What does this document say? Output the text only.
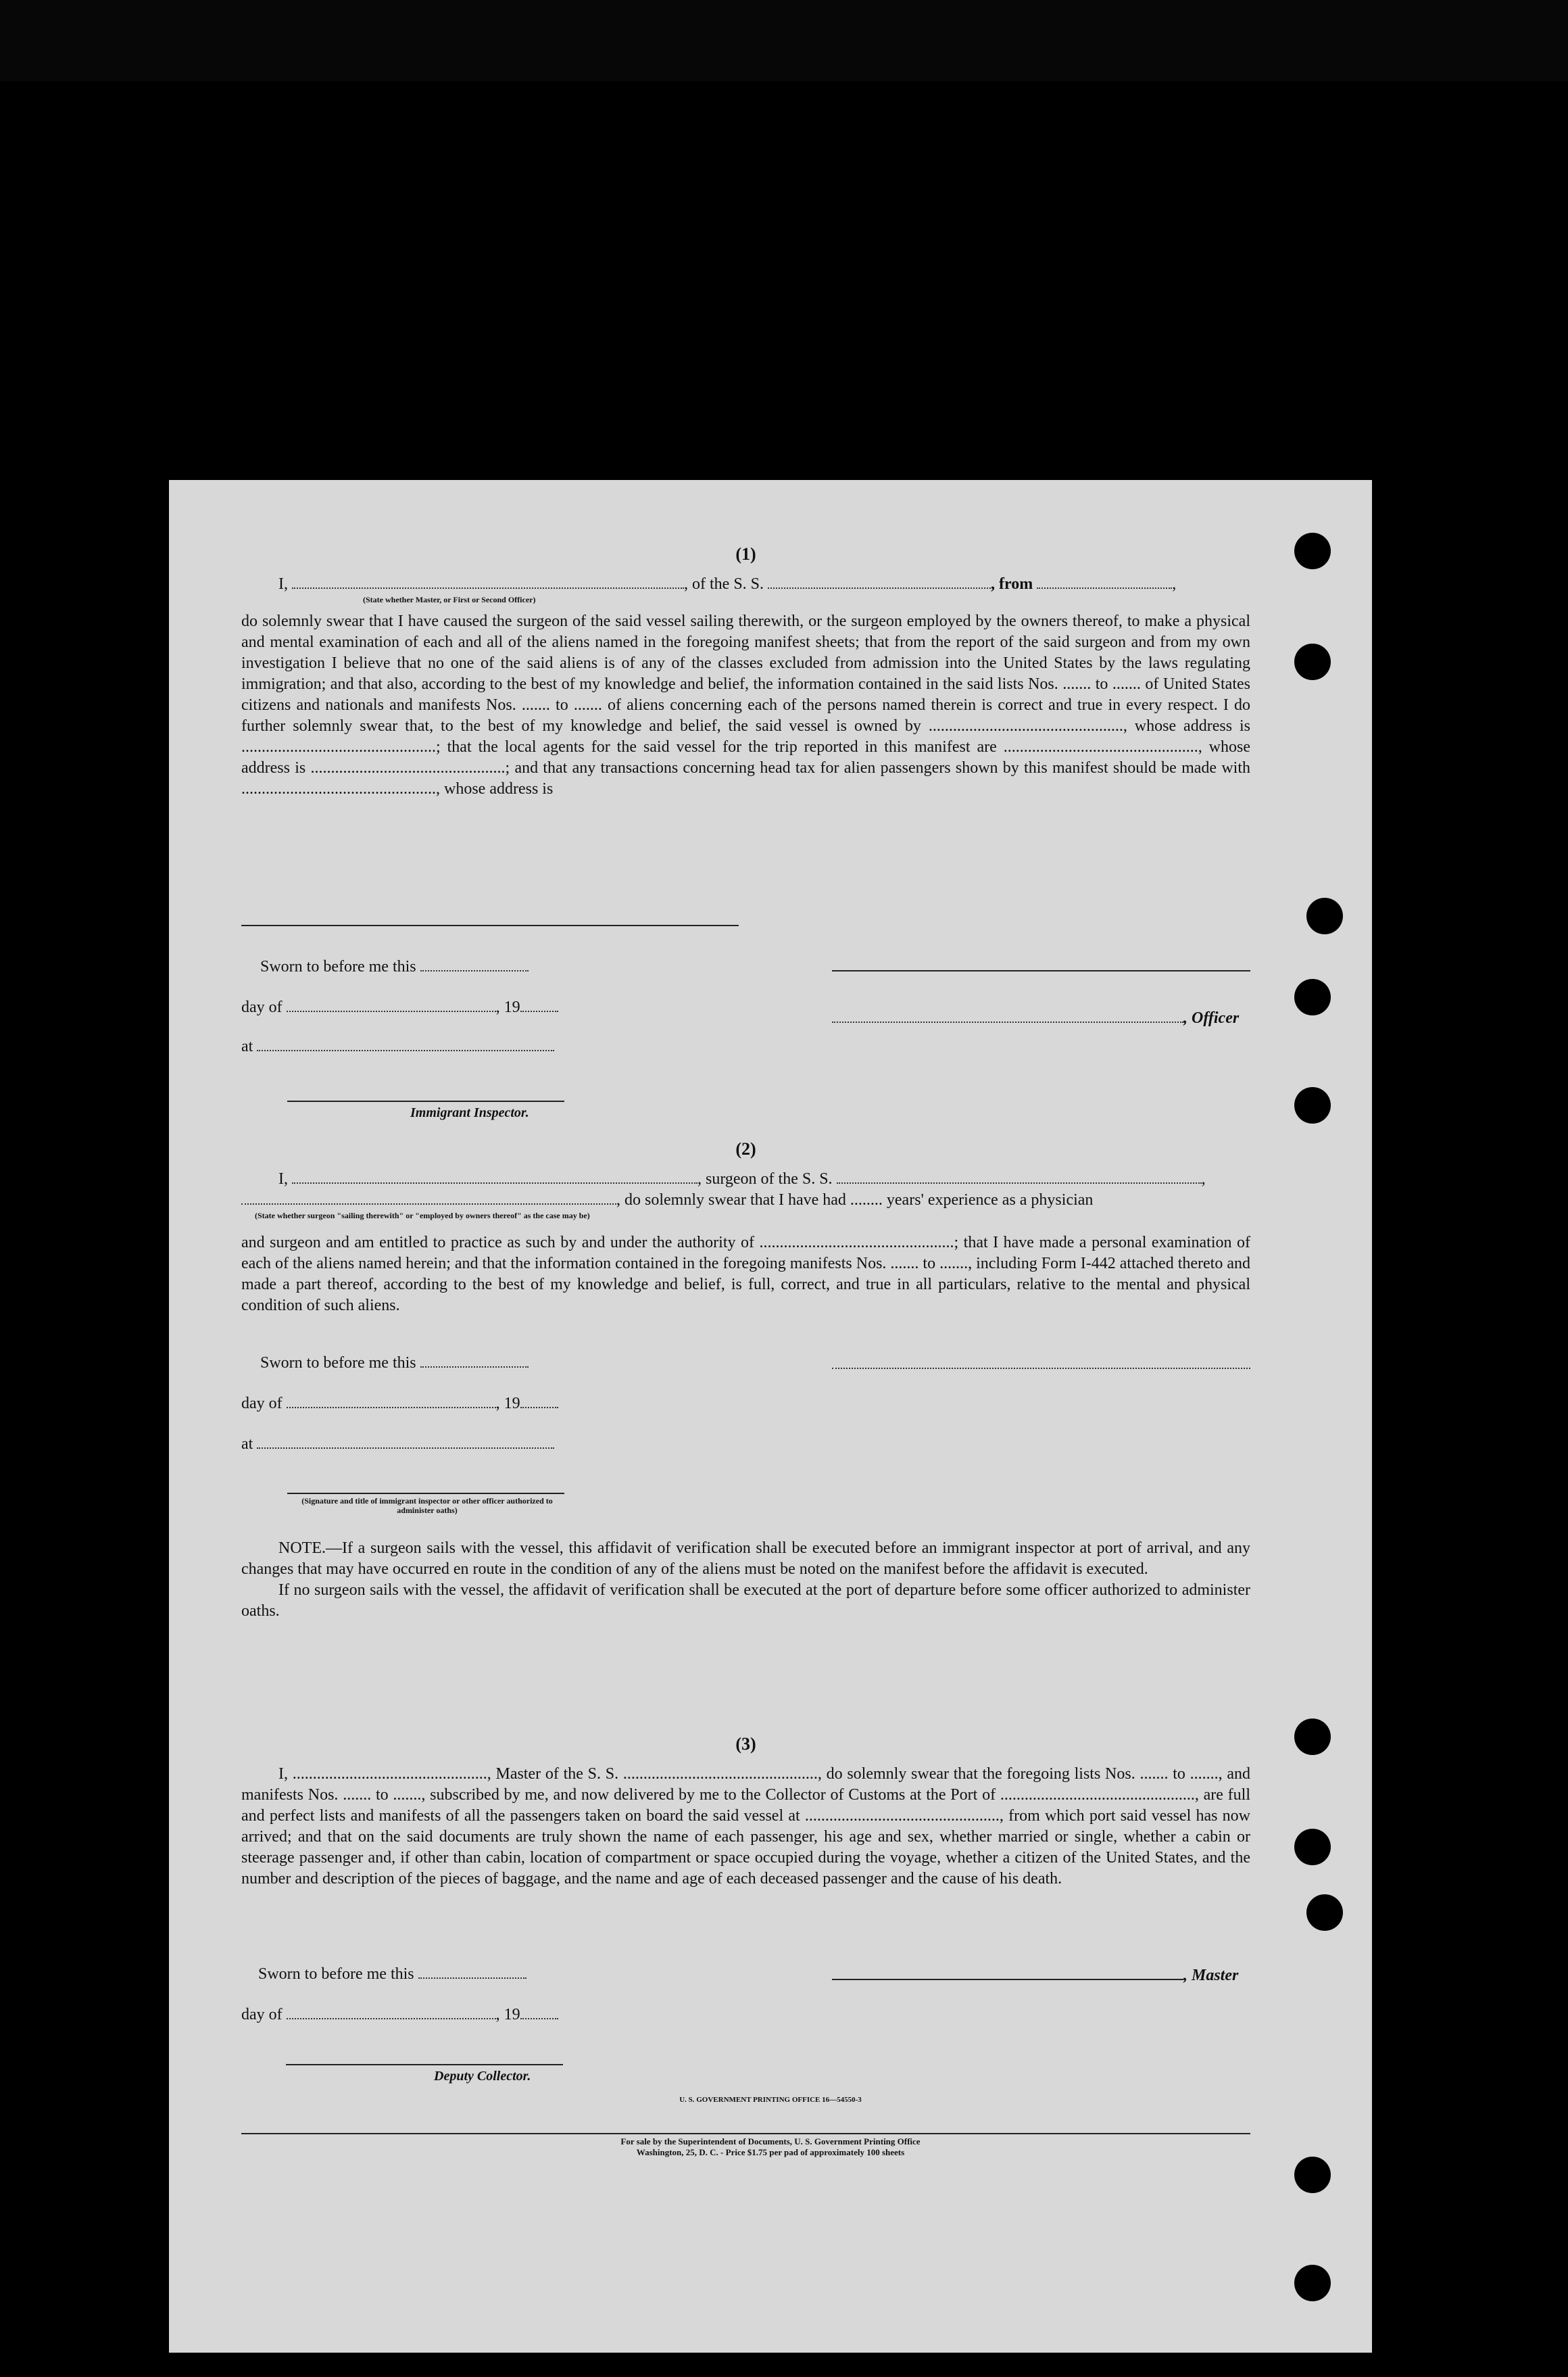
(1)

I,	, of the S. S.	, from	,
(State whether Master, or First or Second Officer)

do solemnly swear that I have caused the surgeon of the said vessel sailing therewith, or the surgeon employed by the owners thereof, to make a physical and mental examination of each and all of the aliens named in the foregoing manifest sheets; that from the report of the said surgeon and from my own investigation I believe that no one of the said aliens is of any of the classes excluded from admission into the United States by the laws regulating immigration; and that also, according to the best of my knowledge and belief, the information contained in the said lists Nos. ....... to ....... of United States citizens and nationals and manifests Nos. ....... to ....... of aliens concerning each of the persons named therein is correct and true in every respect. I do further solemnly swear that, to the best of my knowledge and belief, the said vessel is owned by ................................................, whose address is ................................................; that the local agents for the said vessel for the trip reported in this manifest are ................................................, whose address is ................................................; and that any transactions concerning head tax for alien passengers shown by this manifest should be made with ................................................, whose address is

Sworn to before me this
day of	, 19
at
Immigrant Inspector.
, Officer

(2)

I,	, surgeon of the S. S.	,
, do solemnly swear that I have had ........ years' experience as a physician
(State whether surgeon "sailing therewith" or "employed by owners thereof" as the case may be)

and surgeon and am entitled to practice as such by and under the authority of ................................................; that I have made a personal examination of each of the aliens named herein; and that the information contained in the foregoing manifests Nos. ....... to ......., including Form I-442 attached thereto and made a part thereof, according to the best of my knowledge and belief, is full, correct, and true in all particulars, relative to the mental and physical condition of such aliens.

Sworn to before me this
day of	, 19
at
(Signature and title of immigrant inspector or other officer authorized to administer oaths)
NOTE.—If a surgeon sails with the vessel, this affidavit of verification shall be executed before an immigrant inspector at port of arrival, and any changes that may have occurred en route in the condition of any of the aliens must be noted on the manifest before the affidavit is executed.
If no surgeon sails with the vessel, the affidavit of verification shall be executed at the port of departure before some officer authorized to administer oaths.

(3)

I, ................................................, Master of the S. S. ................................................, do solemnly swear that the foregoing lists Nos. ....... to ......., and manifests Nos. ....... to ......., subscribed by me, and now delivered by me to the Collector of Customs at the Port of ................................................, are full and perfect lists and manifests of all the passengers taken on board the said vessel at ................................................, from which port said vessel has now arrived; and that on the said documents are truly shown the name of each passenger, his age and sex, whether married or single, whether a cabin or steerage passenger and, if other than cabin, location of compartment or space occupied during the voyage, whether a citizen of the United States, and the number and description of the pieces of baggage, and the name and age of each deceased passenger and the cause of his death.

Sworn to before me this
day of	, 19
Deputy Collector.
, Master
U. S. GOVERNMENT PRINTING OFFICE 16—54550-3
For sale by the Superintendent of Documents, U. S. Government Printing Office
Washington, 25, D. C. - Price $1.75 per pad of approximately 100 sheets
